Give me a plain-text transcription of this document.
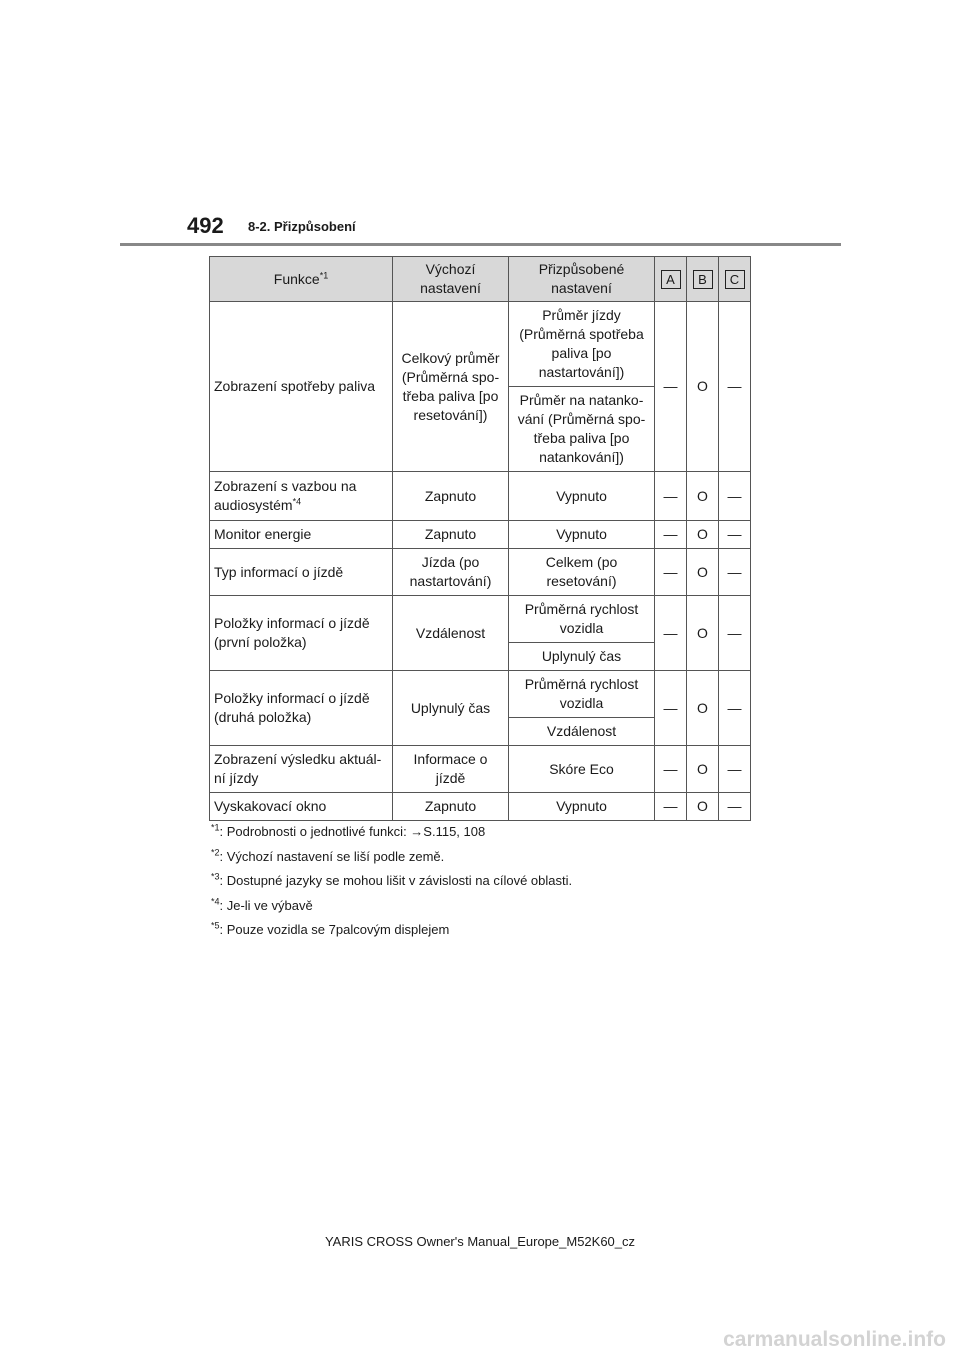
492 8-2. Přizpůsobení
Funkce$^{*1}$	Výchozí nastavení	Přizpůsobené nastavení	A	B	C
Zobrazení spotřeby paliva	Celkový průměr (Průměrná spo-třeba paliva [po resetování])	Průměr jízdy (Průměrná spotřeba paliva [po nastartování])	—	O	—
		Průměr na natanko-vání (Průměrná spo-třeba paliva [po natankování])			
Zobrazení s vazbou na audiosystém$^{*4}$	Zapnuto	Vypnuto	—	O	—
Monitor energie	Zapnuto	Vypnuto	—	O	—
Typ informací o jízdě	Jízda (po nastartování)	Celkem (po resetování)	—	O	—
Položky informací o jízdě (první položka)	Vzdálenost	Průměrná rychlost vozidla	—	O	—
		Uplynulý čas			
Položky informací o jízdě (druhá položka)	Uplynulý čas	Průměrná rychlost vozidla	—	O	—
		Vzdálenost			
Zobrazení výsledku aktuál-ní jízdy	Informace o jízdě	Skóre Eco	—	O	—
Vyskakovací okno	Zapnuto	Vypnuto	—	O	—
$^{*1}$: Podrobnosti o jednotlivé funkci: →S.115, 108
$^{*2}$: Výchozí nastavení se liší podle země.
$^{*3}$: Dostupné jazyky se mohou lišit v závislosti na cílové oblasti.
$^{*4}$: Je-li ve výbavě
$^{*5}$: Pouze vozidla se 7palcovým displejem
YARIS CROSS Owner's Manual_Europe_M52K60_cz
carmanualsonline.info
